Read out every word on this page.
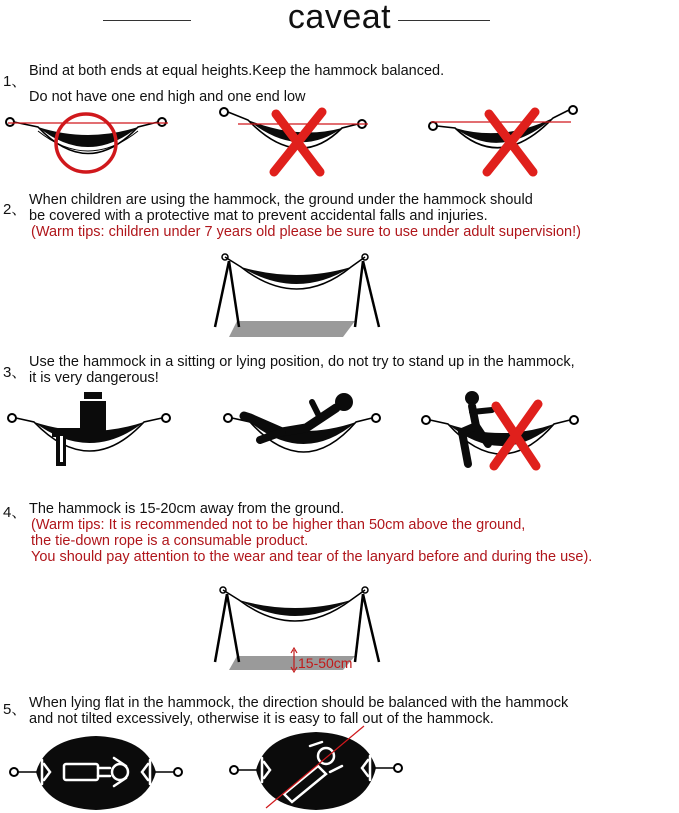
caveat
1、
Bind at both ends at equal heights.Keep the hammock balanced.
Do not have one end high and one end low
2、
When children are using the hammock, the ground under the hammock should
be covered with a protective mat to prevent accidental falls and injuries.
(Warm tips: children under 7 years old please be sure to use under adult supervision!)
3、
Use the hammock in a sitting or lying position, do not try to stand up in the hammock,
it is very dangerous!
4、 The hammock is 15-20cm away from the ground.
(Warm tips: It is recommended not to be higher than 50cm above the ground,
the tie-down rope is a consumable product.
You should pay attention to the wear and tear of the lanyard before and during the use).
15-50cm
5、 When lying flat in the hammock, the direction should be balanced with the hammock
and not tilted excessively, otherwise it is easy to fall out of the hammock.
